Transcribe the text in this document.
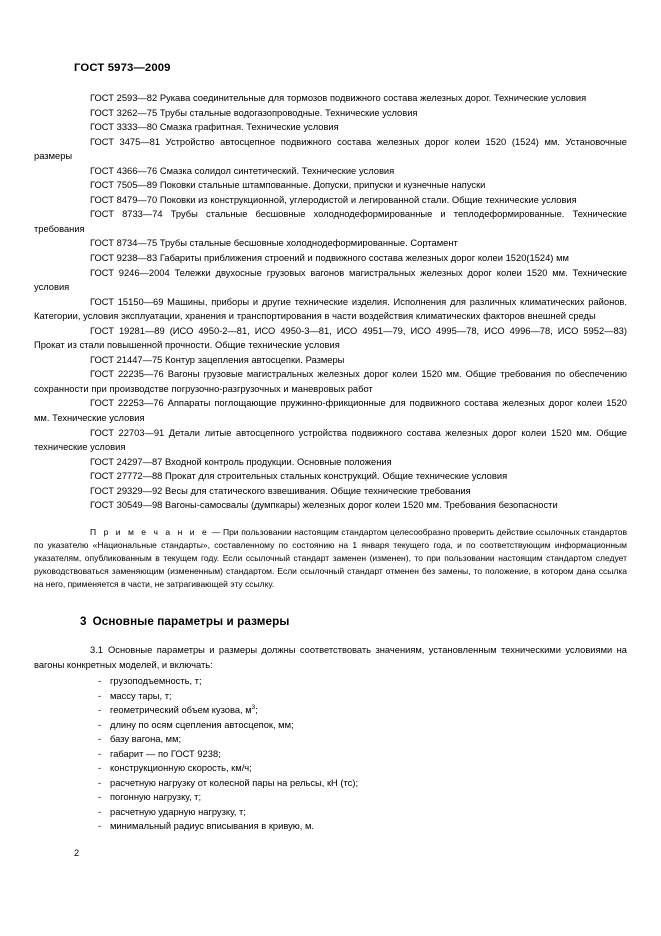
ГОСТ 5973—2009

ГОСТ 2593—82 Рукава соединительные для тормозов подвижного состава железных дорог. Технические условия

ГОСТ 3262—75 Трубы стальные водогазопроводные. Технические условия

ГОСТ 3333—80 Смазка графитная. Технические условия

ГОСТ 3475—81 Устройство автосцепное подвижного состава железных дорог колеи 1520 (1524) мм. Установочные размеры

ГОСТ 4366—76 Смазка солидол синтетический. Технические условия

ГОСТ 7505—89 Поковки стальные штампованные. Допуски, припуски и кузнечные напуски

ГОСТ 8479—70 Поковки из конструкционной, углеродистой и легированной стали. Общие технические условия

ГОСТ 8733—74 Трубы стальные бесшовные холоднодеформированные и теплодеформированные. Технические требования

ГОСТ 8734—75 Трубы стальные бесшовные холоднодеформированные. Сортамент

ГОСТ 9238—83 Габариты приближения строений и подвижного состава железных дорог колеи 1520(1524) мм

ГОСТ 9246—2004 Тележки двухосные грузовых вагонов магистральных железных дорог колеи 1520 мм. Технические условия

ГОСТ 15150—69 Машины, приборы и другие технические изделия. Исполнения для различных климатических районов. Категории, условия эксплуатации, хранения и транспортирования в части воздействия климатических факторов внешней среды

ГОСТ 19281—89 (ИСО 4950-2—81, ИСО 4950-3—81, ИСО 4951—79, ИСО 4995—78, ИСО 4996—78, ИСО 5952—83) Прокат из стали повышенной прочности. Общие технические условия

ГОСТ 21447—75 Контур зацепления автосцепки. Размеры

ГОСТ 22235—76 Вагоны грузовые магистральных железных дорог колеи 1520 мм. Общие требования по обеспечению сохранности при производстве погрузочно-разгрузочных и маневровых работ

ГОСТ 22253—76 Аппараты поглощающие пружинно-фрикционные для подвижного состава железных дорог колеи 1520 мм. Технические условия

ГОСТ 22703—91 Детали литые автосцепного устройства подвижного состава железных дорог колеи 1520 мм. Общие технические условия

ГОСТ 24297—87 Входной контроль продукции. Основные положения

ГОСТ 27772—88 Прокат для строительных стальных конструкций. Общие технические условия

ГОСТ 29329—92 Весы для статического взвешивания. Общие технические требования

ГОСТ 30549—98 Вагоны-самосвалы (думпкары) железных дорог колеи 1520 мм. Требования безопасности

П р и м е ч а н и е — При пользовании настоящим стандартом целесообразно проверить действие ссылочных стандартов по указателю «Национальные стандарты», составленному по состоянию на 1 января текущего года, и по соответствующим информационным указателям, опубликованным в текущем году. Если ссылочный стандарт заменен (изменен), то при пользовании настоящим стандартом следует руководствоваться заменяющим (измененным) стандартом. Если ссылочный стандарт отменен без замены, то положение, в котором дана ссылка на него, применяется в части, не затрагивающей эту ссылку.

3 Основные параметры и размеры

3.1 Основные параметры и размеры должны соответствовать значениям, установленным техническими условиями на вагоны конкретных моделей, и включать:

- грузоподъемность, т;
- массу тары, т;
- геометрический объем кузова, $м^3$;
- длину по осям сцепления автосцепок, мм;
- базу вагона, мм;
- габарит — по ГОСТ 9238;
- конструкционную скорость, км/ч;
- расчетную нагрузку от колесной пары на рельсы, кН (тс);
- погонную нагрузку, т;
- расчетную ударную нагрузку, т;
- минимальный радиус вписывания в кривую, м.
2
